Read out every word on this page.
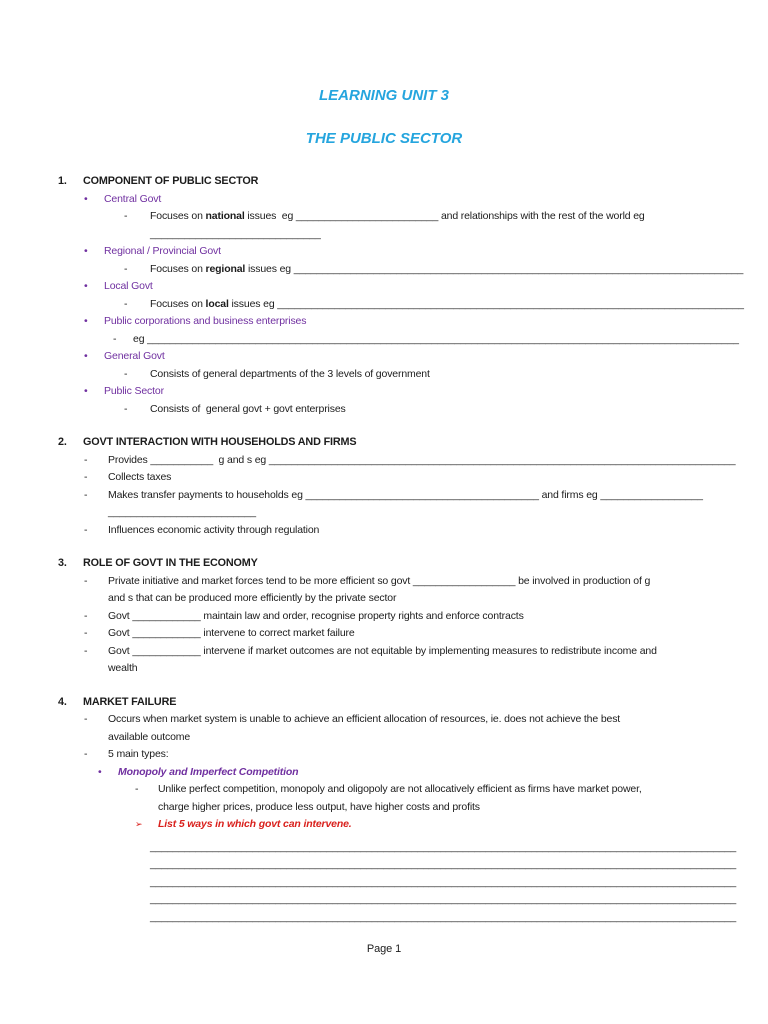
LEARNING UNIT 3
THE PUBLIC SECTOR
1.	COMPONENT OF PUBLIC SECTOR
•	Central Govt
-	Focuses on national issues  eg _________________________ and relationships with the rest of the world eg
______________________________
•	Regional / Provincial Govt
-	Focuses on regional issues eg _______________________________________________________________________________
•	Local Govt
-	Focuses on local issues eg __________________________________________________________________________________
•	Public corporations and business enterprises
-	eg ________________________________________________________________________________________________________
•	General Govt
-	Consists of general departments of the 3 levels of government
•	Public Sector
-	Consists of  general govt + govt enterprises
2.	GOVT INTERACTION WITH HOUSEHOLDS AND FIRMS
-	Provides ___________  g and s eg __________________________________________________________________________________
-	Collects taxes
-	Makes transfer payments to households eg _________________________________________ and firms eg __________________
__________________________
-	Influences economic activity through regulation
3.	ROLE OF GOVT IN THE ECONOMY
-	Private initiative and market forces tend to be more efficient so govt __________________ be involved in production of g
and s that can be produced more efficiently by the private sector
-	Govt ____________ maintain law and order, recognise property rights and enforce contracts
-	Govt ____________ intervene to correct market failure
-	Govt ____________ intervene if market outcomes are not equitable by implementing measures to redistribute income and
wealth
4.	MARKET FAILURE
-	Occurs when market system is unable to achieve an efficient allocation of resources, ie. does not achieve the best
available outcome
-	5 main types:
•	Monopoly and Imperfect Competition
-	Unlike perfect competition, monopoly and oligopoly are not allocatively efficient as firms have market power,
charge higher prices, produce less output, have higher costs and profits
➢	List 5 ways in which govt can intervene.
_______________________________________________________________________________________________________
_______________________________________________________________________________________________________
_______________________________________________________________________________________________________
_______________________________________________________________________________________________________
_______________________________________________________________________________________________________
Page 1
